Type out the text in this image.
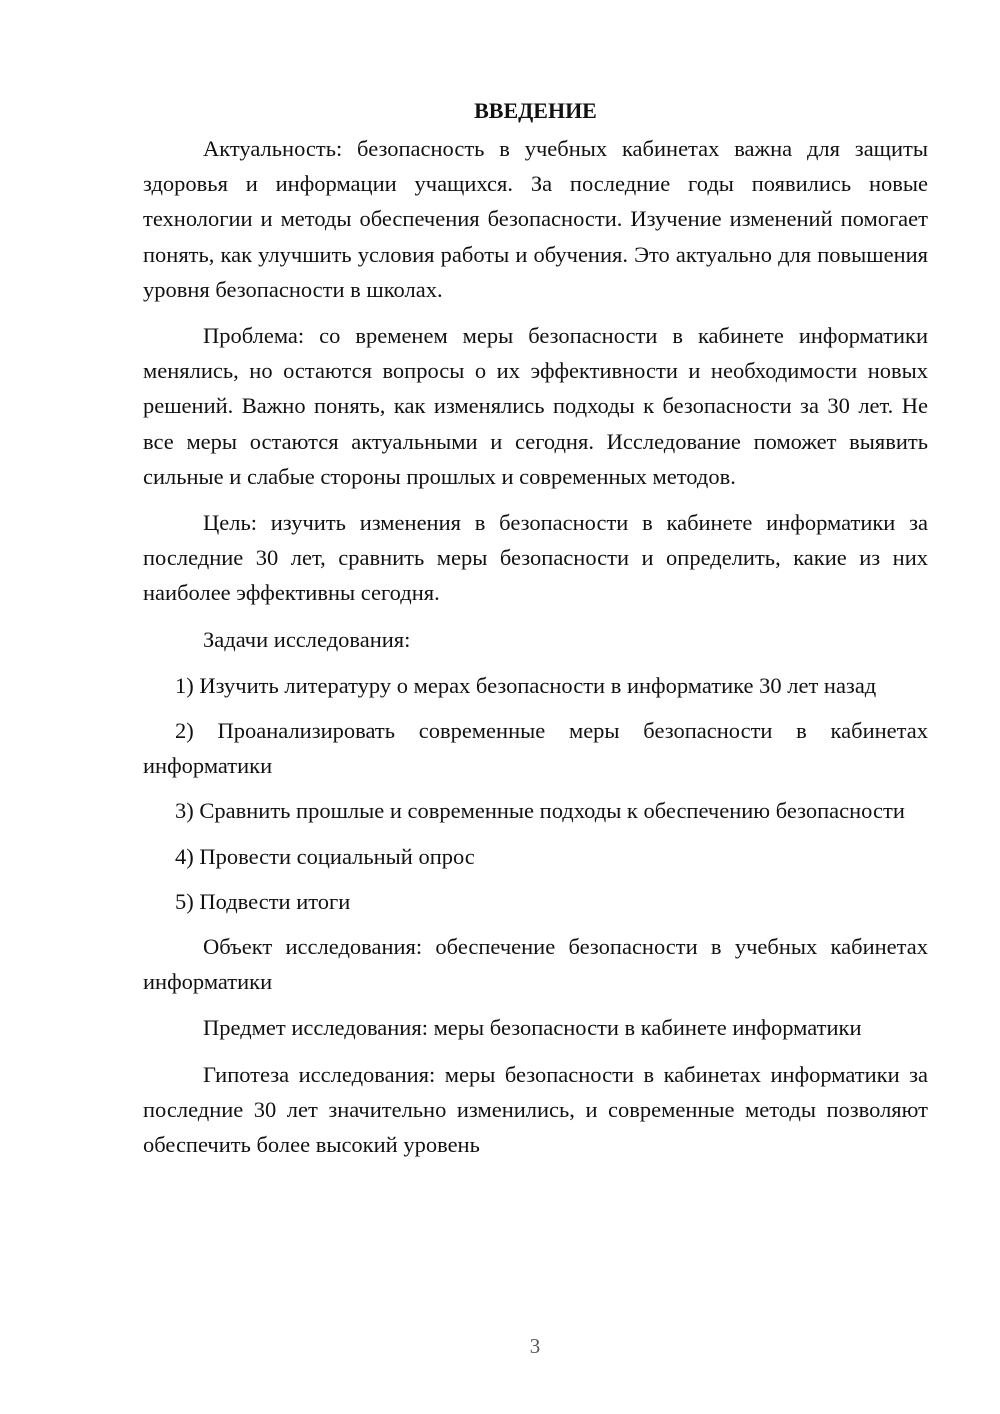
ВВЕДЕНИЕ

Актуальность: безопасность в учебных кабинетах важна для защиты здоровья и информации учащихся. За последние годы появились новые технологии и методы обеспечения безопасности. Изучение изменений помогает понять, как улучшить условия работы и обучения. Это актуально для повышения уровня безопасности в школах.

Проблема: со временем меры безопасности в кабинете информатики менялись, но остаются вопросы о их эффективности и необходимости новых решений. Важно понять, как изменялись подходы к безопасности за 30 лет. Не все меры остаются актуальными и сегодня. Исследование поможет выявить сильные и слабые стороны прошлых и современных методов.

Цель: изучить изменения в безопасности в кабинете информатики за последние 30 лет, сравнить меры безопасности и определить, какие из них наиболее эффективны сегодня.

Задачи исследования:

1) Изучить литературу о мерах безопасности в информатике 30 лет назад

2) Проанализировать современные меры безопасности в кабинетах информатики

3) Сравнить прошлые и современные подходы к обеспечению безопасности

4) Провести социальный опрос

5) Подвести итоги

Объект исследования: обеспечение безопасности в учебных кабинетах информатики

Предмет исследования: меры безопасности в кабинете информатики

Гипотеза исследования: меры безопасности в кабинетах информатики за последние 30 лет значительно изменились, и современные методы позволяют обеспечить более высокий уровень

3
